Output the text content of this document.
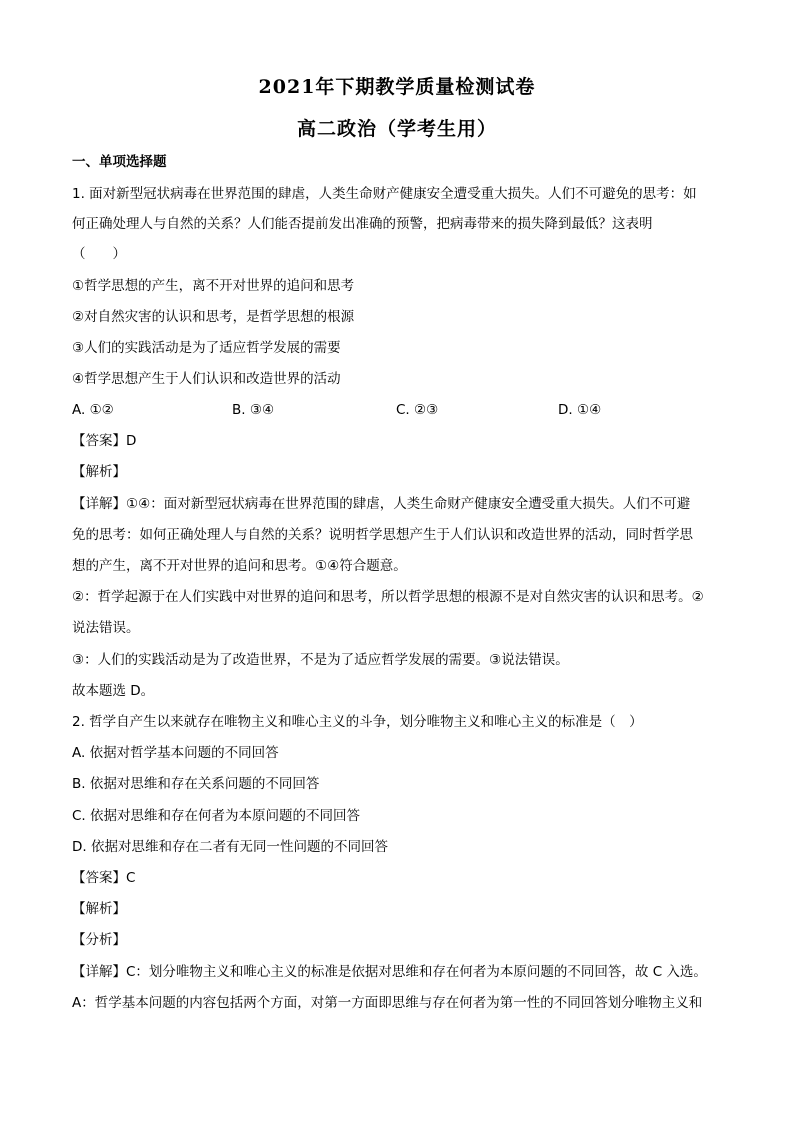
2021年下期教学质量检测试卷
高二政治（学考生用）
一、单项选择题
1. 面对新型冠状病毒在世界范围的肆虐，人类生命财产健康安全遭受重大损失。人们不可避免的思考：如
何正确处理人与自然的关系？人们能否提前发出准确的预警，把病毒带来的损失降到最低？这表明
（　　）
①哲学思想的产生，离不开对世界的追问和思考
②对自然灾害的认识和思考，是哲学思想的根源
③人们的实践活动是为了适应哲学发展的需要
④哲学思想产生于人们认识和改造世界的活动
A. ①②	B. ③④	C. ②③	D. ①④
【答案】D
【解析】
【详解】①④：面对新型冠状病毒在世界范围的肆虐，人类生命财产健康安全遭受重大损失。人们不可避
免的思考：如何正确处理人与自然的关系？说明哲学思想产生于人们认识和改造世界的活动，同时哲学思
想的产生，离不开对世界的追问和思考。①④符合题意。
②：哲学起源于在人们实践中对世界的追问和思考，所以哲学思想的根源不是对自然灾害的认识和思考。②
说法错误。
③：人们的实践活动是为了改造世界，不是为了适应哲学发展的需要。③说法错误。
故本题选 D。
2. 哲学自产生以来就存在唯物主义和唯心主义的斗争，划分唯物主义和唯心主义的标准是（　）
A. 依据对哲学基本问题的不同回答
B. 依据对思维和存在关系问题的不同回答
C. 依据对思维和存在何者为本原问题的不同回答
D. 依据对思维和存在二者有无同一性问题的不同回答
【答案】C
【解析】
【分析】
【详解】C：划分唯物主义和唯心主义的标准是依据对思维和存在何者为本原问题的不同回答，故 C 入选。
A：哲学基本问题的内容包括两个方面，对第一方面即思维与存在何者为第一性的不同回答划分唯物主义和
